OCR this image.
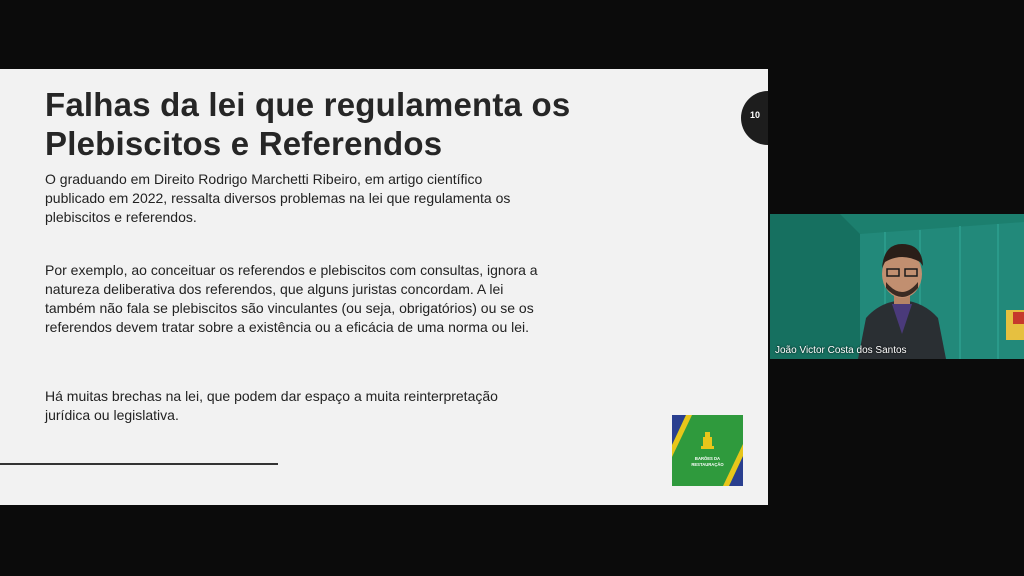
Falhas da lei que regulamenta os Plebiscitos e Referendos

O graduando em Direito Rodrigo Marchetti Ribeiro, em artigo científico publicado em 2022, ressalta diversos problemas na lei que regulamenta os plebiscitos e referendos.

Por exemplo, ao conceituar os referendos e plebiscitos com consultas, ignora a natureza deliberativa dos referendos, que alguns juristas concordam. A lei também não fala se plebiscitos são vinculantes (ou seja, obrigatórios) ou se os referendos devem tratar sobre a existência ou a eficácia de uma norma ou lei.

Há muitas brechas na lei, que podem dar espaço a muita reinterpretação jurídica ou legislativa.

10
BARÕES DA
RESTAURAÇÃO
João Victor Costa dos Santos
